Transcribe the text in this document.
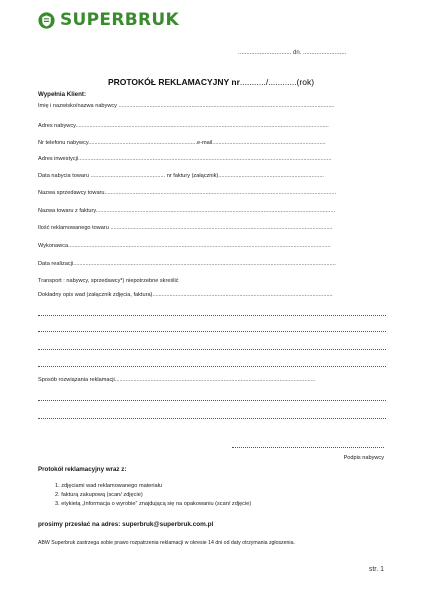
SUPERBRUK
................................ dn. ..........................
PROTOKÓŁ REKLAMACYJNY nr.........../............(rok)
Wypełnia Klient:
Imię i nazwisko/nazwa nabywcy ...........................................................................................................................................
Adres nabywcy...................................................................................................................................................................
Nr telefonu nabywcy......................................................................e-mail.........................................................................
Adres inwestycji...................................................................................................................................................................
Data nabycia towaru ................................................ nr faktury (załącznik)....................................................................
Nazwa sprzedawcy towaru.....................................................................................................................................................
Nazwa towaru z faktury..........................................................................................................................................................
Ilość reklamowanego towaru ...............................................................................................................................................
Wykonawca.........................................................................................................................................................................
Data realizacji.........................................................................................................................................................................
Transport : nabywcy, sprzedawcy*) niepotrzebne skreślić
Dokładny opis wad (załącznik zdjęcia, faktura)....................................................................................................................
Sposób rozwiązania reklamacji.................................................................................................................................
Podpis nabywcy
Protokół reklamacyjny wraz z:
1. zdjęciami wad reklamowanego materiału
2. fakturą zakupową (scan/ zdjęcie)
3. etykietą „Informacja o wyrobie” znajdującą się na opakowaniu (scan/ zdjęcie)
prosimy przesłać na adres: superbruk@superbruk.com.pl
ABW Superbruk zastrzega sobie prawo rozpatrzenia reklamacji w okresie 14 dni od daty otrzymania zgłoszenia.
str. 1
